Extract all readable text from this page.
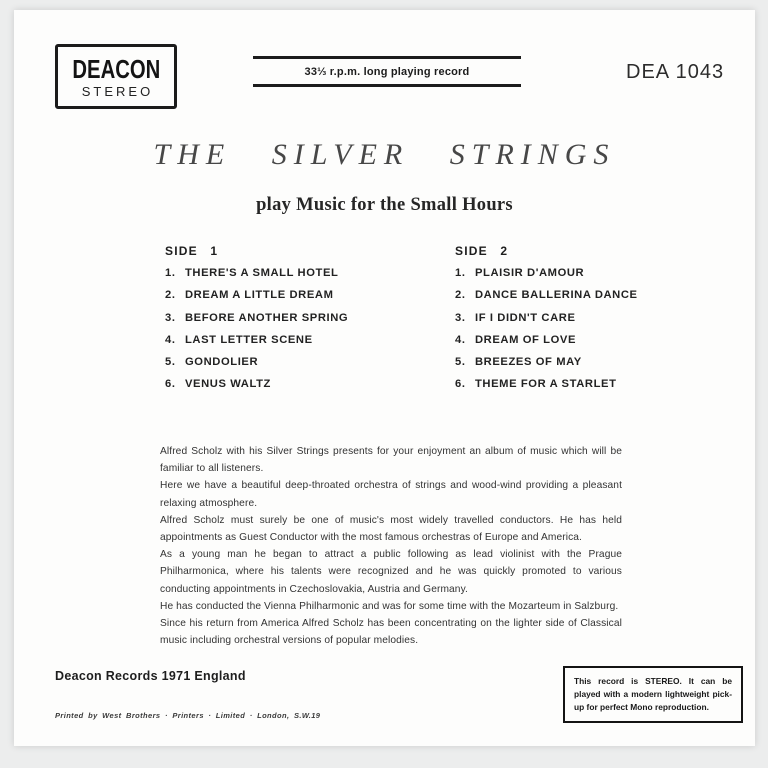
DEACON
STEREO
33⅓ r.p.m. long playing record	DEA 1043
THE SILVER STRINGS
play Music for the Small Hours
SIDE 1
1. THERE'S A SMALL HOTEL
2. DREAM A LITTLE DREAM
3. BEFORE ANOTHER SPRING
4. LAST LETTER SCENE
5. GONDOLIER
6. VENUS WALTZ
SIDE 2
1. PLAISIR D'AMOUR
2. DANCE BALLERINA DANCE
3. IF I DIDN'T CARE
4. DREAM OF LOVE
5. BREEZES OF MAY
6. THEME FOR A STARLET

Alfred Scholz with his Silver Strings presents for your enjoyment an album of music which will be familiar to all listeners.

Here we have a beautiful deep-throated orchestra of strings and wood-wind providing a pleasant relaxing atmosphere.

Alfred Scholz must surely be one of music's most widely travelled conductors. He has held appointments as Guest Conductor with the most famous orchestras of Europe and America.

As a young man he began to attract a public following as lead violinist with the Prague Philharmonica, where his talents were recognized and he was quickly promoted to various conducting appointments in Czechoslovakia, Austria and Germany.

He has conducted the Vienna Philharmonic and was for some time with the Mozarteum in Salzburg.

Since his return from America Alfred Scholz has been concentrating on the lighter side of Classical music including orchestral versions of popular melodies.

Deacon Records 1971 England
Printed by West Brothers · Printers · Limited · London, S.W.19
This record is STEREO. It can be played with a modern lightweight pick-up for perfect Mono reproduction.
